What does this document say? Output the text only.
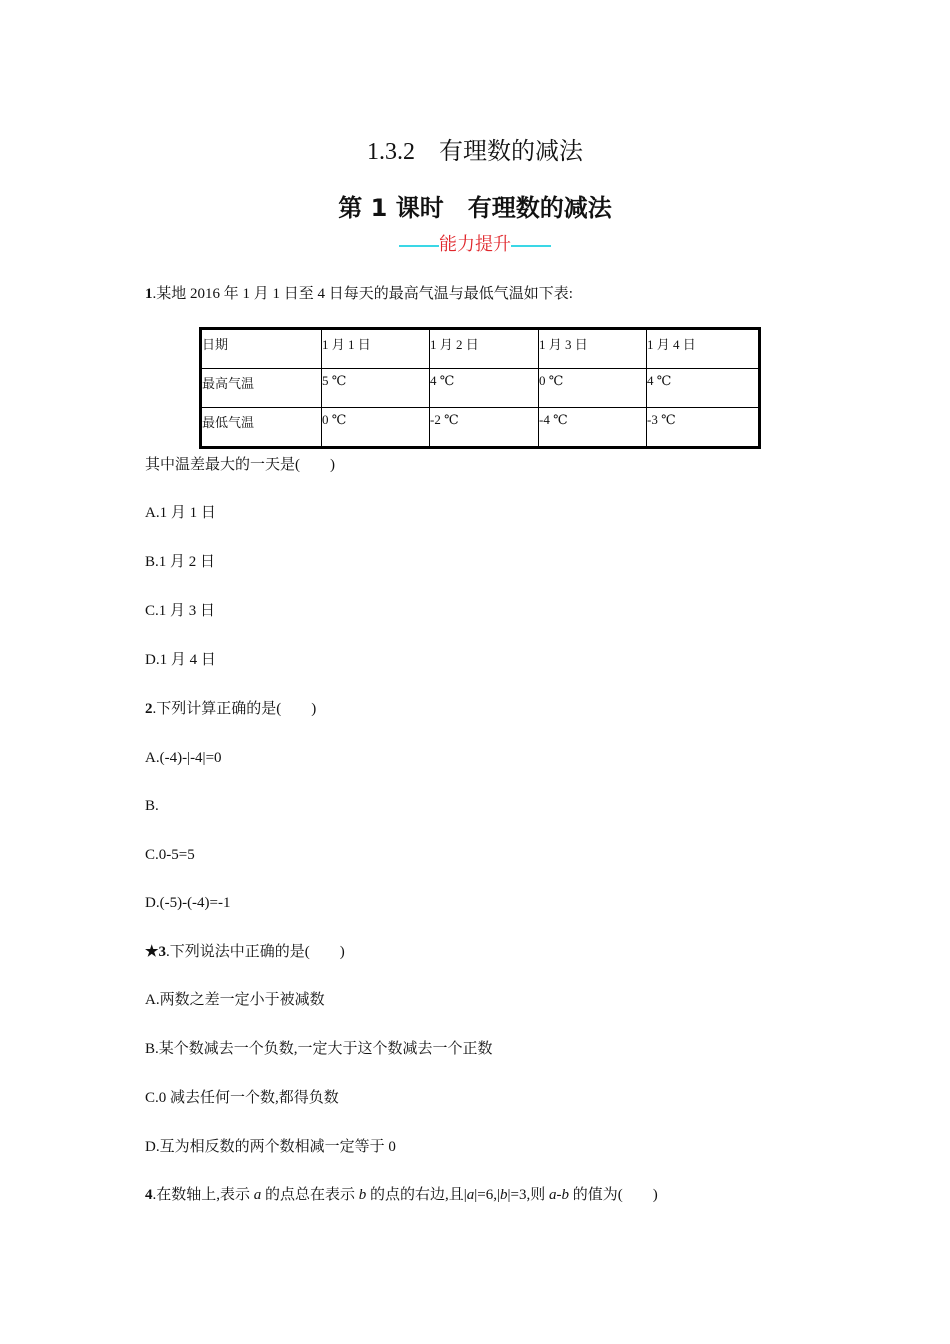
1.3.2　有理数的减法
第 1 课时　有理数的减法
能力提升
1.某地 2016 年 1 月 1 日至 4 日每天的最高气温与最低气温如下表:
日期	1 月 1 日	1 月 2 日	1 月 3 日	1 月 4 日
最高气温	5 ℃	4 ℃	0 ℃	4 ℃
最低气温	0 ℃	-2 ℃	-4 ℃	-3 ℃
其中温差最大的一天是(　　)
A.1 月 1 日
B.1 月 2 日
C.1 月 3 日
D.1 月 4 日
2.下列计算正确的是(　　)
A.(-4)-|-4|=0
B.
C.0-5=5
D.(-5)-(-4)=-1
★3.下列说法中正确的是(　　)
A.两数之差一定小于被减数
B.某个数减去一个负数,一定大于这个数减去一个正数
C.0 减去任何一个数,都得负数
D.互为相反数的两个数相减一定等于 0
4.在数轴上,表示 a 的点总在表示 b 的点的右边,且|a|=6,|b|=3,则 a-b 的值为(　　)
